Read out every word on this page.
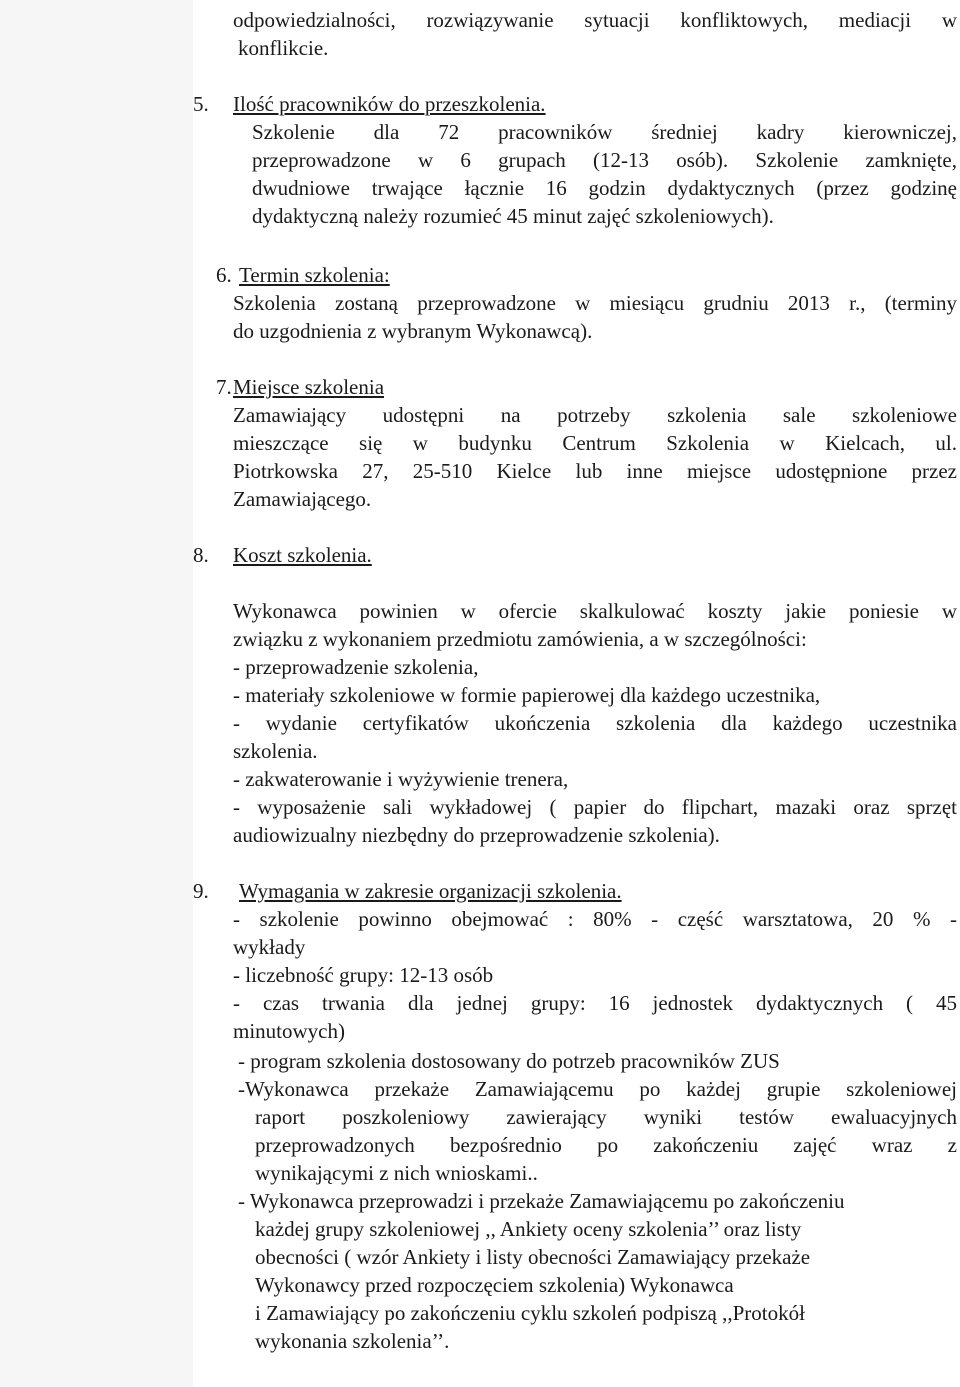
odpowiedzialności, rozwiązywanie sytuacji konfliktowych, mediacji w
konflikcie.
5. Ilość pracowników do przeszkolenia.
Szkolenie dla 72 pracowników średniej kadry kierowniczej,
przeprowadzone w 6 grupach (12-13 osób). Szkolenie zamknięte,
dwudniowe trwające łącznie 16 godzin dydaktycznych (przez godzinę
dydaktyczną należy rozumieć 45 minut zajęć szkoleniowych).
6. Termin szkolenia:
Szkolenia zostaną przeprowadzone w miesiącu grudniu 2013 r., (terminy
do uzgodnienia z wybranym Wykonawcą).
7. Miejsce szkolenia
Zamawiający udostępni na potrzeby szkolenia sale szkoleniowe
mieszczące się w budynku Centrum Szkolenia w Kielcach, ul.
Piotrkowska 27, 25-510 Kielce lub inne miejsce udostępnione przez
Zamawiającego.
8. Koszt szkolenia.
Wykonawca powinien w ofercie skalkulować koszty jakie poniesie w
związku z wykonaniem przedmiotu zamówienia, a w szczególności:
- przeprowadzenie szkolenia,
- materiały szkoleniowe w formie papierowej dla każdego uczestnika,
- wydanie certyfikatów ukończenia szkolenia dla każdego uczestnika
szkolenia.
- zakwaterowanie i wyżywienie trenera,
- wyposażenie sali wykładowej ( papier do flipchart, mazaki oraz sprzęt
audiowizualny niezbędny do przeprowadzenie szkolenia).
9. Wymagania w zakresie organizacji szkolenia.
- szkolenie powinno obejmować : 80% - część warsztatowa, 20 % -
wykłady
- liczebność grupy: 12-13 osób
- czas trwania dla jednej grupy: 16 jednostek dydaktycznych ( 45
minutowych)
- program szkolenia dostosowany do potrzeb pracowników ZUS
-Wykonawca przekaże Zamawiającemu po każdej grupie szkoleniowej
raport poszkoleniowy zawierający wyniki testów ewaluacyjnych
przeprowadzonych bezpośrednio po zakończeniu zajęć wraz z
wynikającymi z nich wnioskami..
- Wykonawca przeprowadzi i przekaże Zamawiającemu po zakończeniu
każdej grupy szkoleniowej ,, Ankiety oceny szkolenia’’ oraz listy
obecności ( wzór Ankiety i listy obecności Zamawiający przekaże
Wykonawcy przed rozpoczęciem szkolenia) Wykonawca
i Zamawiający po zakończeniu cyklu szkoleń podpiszą ,,Protokół
wykonania szkolenia’’.
